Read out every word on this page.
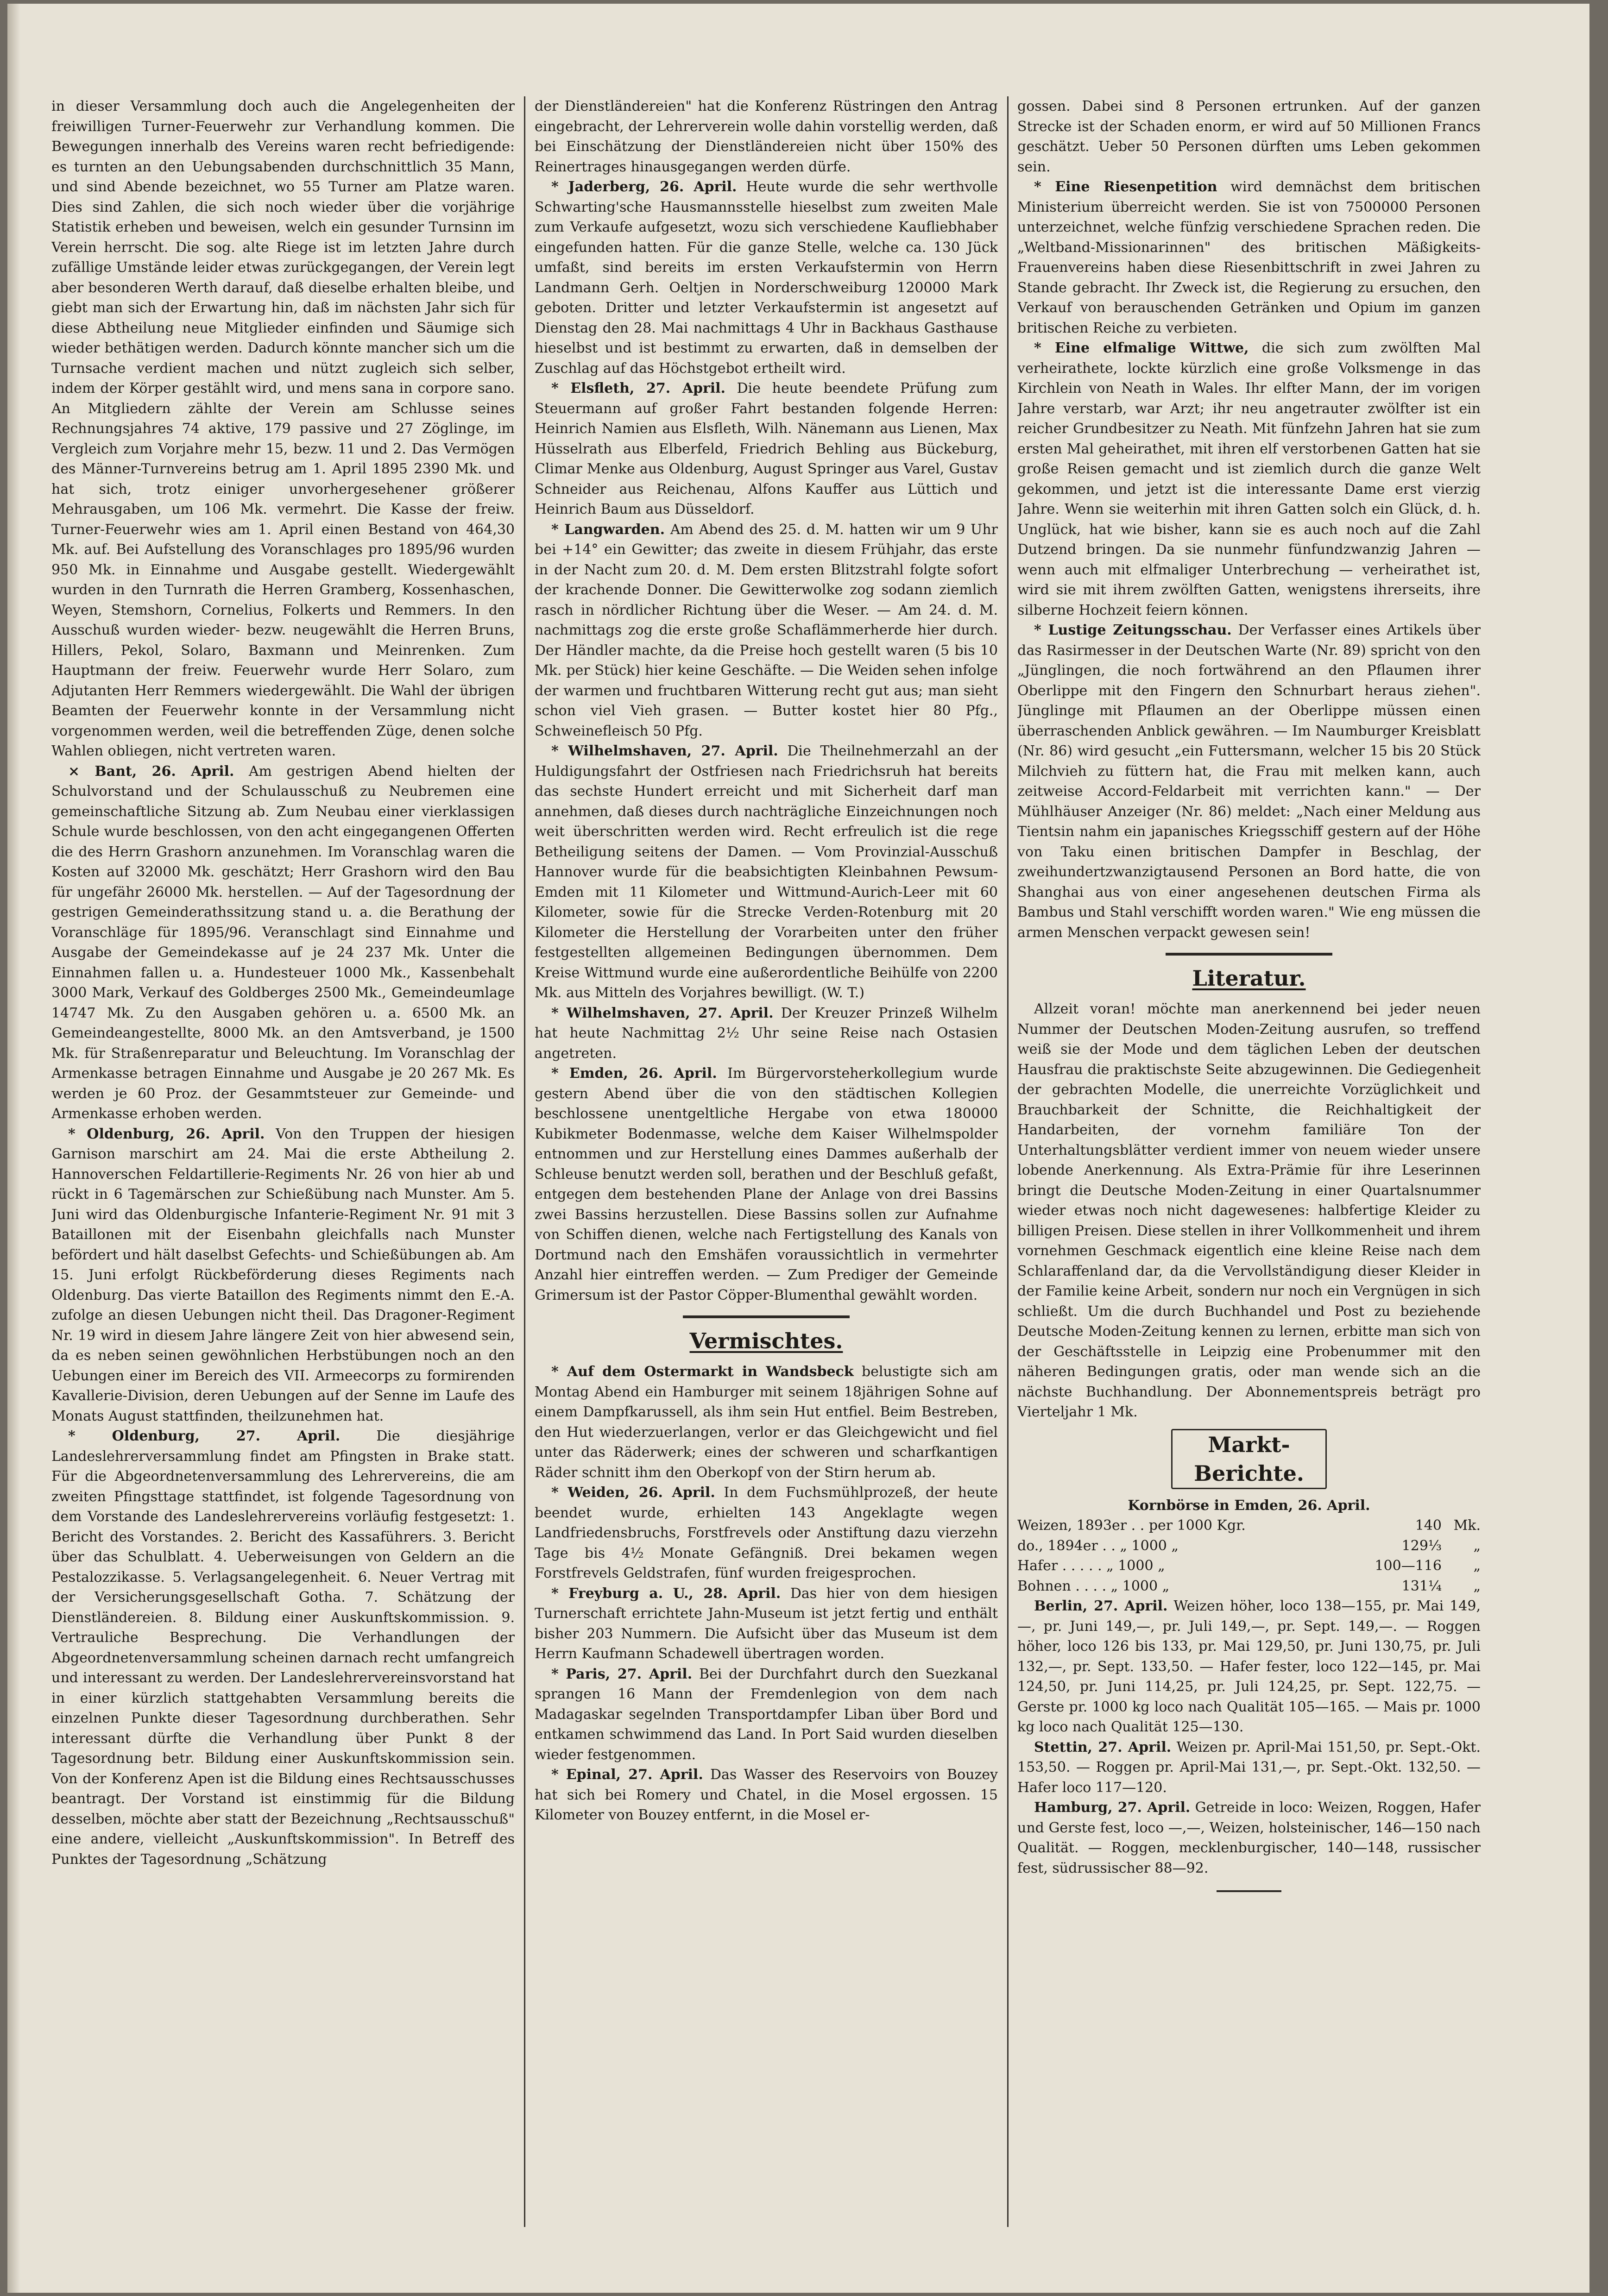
in dieser Versammlung doch auch die Angelegenheiten der freiwilligen Turner-Feuerwehr zur Verhandlung kommen. Die Bewegungen innerhalb des Vereins waren recht befriedigende: es turnten an den Uebungsabenden durchschnittlich 35 Mann, und sind Abende bezeichnet, wo 55 Turner am Platze waren. Dies sind Zahlen, die sich noch wieder über die vorjährige Statistik erheben und beweisen, welch ein gesunder Turnsinn im Verein herrscht. Die sog. alte Riege ist im letzten Jahre durch zufällige Umstände leider etwas zurückgegangen, der Verein legt aber besonderen Werth darauf, daß dieselbe erhalten bleibe, und giebt man sich der Erwartung hin, daß im nächsten Jahr sich für diese Abtheilung neue Mitglieder einfinden und Säumige sich wieder bethätigen werden. Dadurch könnte mancher sich um die Turnsache verdient machen und nützt zugleich sich selber, indem der Körper gestählt wird, und mens sana in corpore sano. An Mitgliedern zählte der Verein am Schlusse seines Rechnungsjahres 74 aktive, 179 passive und 27 Zöglinge, im Vergleich zum Vorjahre mehr 15, bezw. 11 und 2. Das Vermögen des Männer-Turnvereins betrug am 1. April 1895 2390 Mk. und hat sich, trotz einiger unvorhergesehener größerer Mehrausgaben, um 106 Mk. vermehrt. Die Kasse der freiw. Turner-Feuerwehr wies am 1. April einen Bestand von 464,30 Mk. auf. Bei Aufstellung des Voranschlages pro 1895/96 wurden 950 Mk. in Einnahme und Ausgabe gestellt. Wiedergewählt wurden in den Turnrath die Herren Gramberg, Kossenhaschen, Weyen, Stemshorn, Cornelius, Folkerts und Remmers. In den Ausschuß wurden wieder- bezw. neugewählt die Herren Bruns, Hillers, Pekol, Solaro, Baxmann und Meinrenken. Zum Hauptmann der freiw. Feuerwehr wurde Herr Solaro, zum Adjutanten Herr Remmers wiedergewählt. Die Wahl der übrigen Beamten der Feuerwehr konnte in der Versammlung nicht vorgenommen werden, weil die betreffenden Züge, denen solche Wahlen obliegen, nicht vertreten waren.

× Bant, 26. April. Am gestrigen Abend hielten der Schulvorstand und der Schulausschuß zu Neubremen eine gemeinschaftliche Sitzung ab. Zum Neubau einer vierklassigen Schule wurde beschlossen, von den acht eingegangenen Offerten die des Herrn Grashorn anzunehmen. Im Voranschlag waren die Kosten auf 32000 Mk. geschätzt; Herr Grashorn wird den Bau für ungefähr 26000 Mk. herstellen. — Auf der Tagesordnung der gestrigen Gemeinderathssitzung stand u. a. die Berathung der Voranschläge für 1895/96. Veranschlagt sind Einnahme und Ausgabe der Gemeindekasse auf je 24 237 Mk. Unter die Einnahmen fallen u. a. Hundesteuer 1000 Mk., Kassenbehalt 3000 Mark, Verkauf des Goldberges 2500 Mk., Gemeindeumlage 14747 Mk. Zu den Ausgaben gehören u. a. 6500 Mk. an Gemeindeangestellte, 8000 Mk. an den Amtsverband, je 1500 Mk. für Straßenreparatur und Beleuchtung. Im Voranschlag der Armenkasse betragen Einnahme und Ausgabe je 20 267 Mk. Es werden je 60 Proz. der Gesammtsteuer zur Gemeinde- und Armenkasse erhoben werden.

* Oldenburg, 26. April. Von den Truppen der hiesigen Garnison marschirt am 24. Mai die erste Abtheilung 2. Hannoverschen Feldartillerie-Regiments Nr. 26 von hier ab und rückt in 6 Tagemärschen zur Schießübung nach Munster. Am 5. Juni wird das Oldenburgische Infanterie-Regiment Nr. 91 mit 3 Bataillonen mit der Eisenbahn gleichfalls nach Munster befördert und hält daselbst Gefechts- und Schießübungen ab. Am 15. Juni erfolgt Rückbeförderung dieses Regiments nach Oldenburg. Das vierte Bataillon des Regiments nimmt den E.-A. zufolge an diesen Uebungen nicht theil. Das Dragoner-Regiment Nr. 19 wird in diesem Jahre längere Zeit von hier abwesend sein, da es neben seinen gewöhnlichen Herbstübungen noch an den Uebungen einer im Bereich des VII. Armeecorps zu formirenden Kavallerie-Division, deren Uebungen auf der Senne im Laufe des Monats August stattfinden, theilzunehmen hat.

* Oldenburg, 27. April.	Die diesjährige Landeslehrerversammlung findet am Pfingsten in Brake statt. Für die Abgeordnetenversammlung des Lehrervereins, die am zweiten Pfingsttage stattfindet, ist folgende Tagesordnung von dem Vorstande des Landeslehrervereins vorläufig festgesetzt: 1. Bericht des Vorstandes. 2. Bericht des Kassaführers. 3. Bericht über das Schulblatt. 4. Ueberweisungen von Geldern an die Pestalozzikasse. 5. Verlagsangelegenheit. 6. Neuer Vertrag mit der Versicherungsgesellschaft Gotha. 7. Schätzung der Dienstländereien. 8. Bildung einer Auskunftskommission. 9. Vertrauliche Besprechung. Die Verhandlungen der Abgeordnetenversammlung scheinen darnach recht umfangreich und interessant zu werden. Der Landeslehrervereinsvorstand hat in einer kürzlich stattgehabten Versammlung bereits die einzelnen Punkte dieser Tagesordnung durchberathen. Sehr interessant dürfte die Verhandlung über Punkt 8 der Tagesordnung betr. Bildung einer Auskunftskommission sein. Von der Konferenz Apen ist die Bildung eines Rechtsausschusses beantragt. Der Vorstand ist einstimmig für die Bildung desselben, möchte aber statt der Bezeichnung „Rechtsausschuß" eine andere, vielleicht „Auskunftskommission". In Betreff des Punktes der Tagesordnung „Schätzung

der Dienstländereien" hat die Konferenz Rüstringen den Antrag eingebracht, der Lehrerverein wolle dahin vorstellig werden, daß bei Einschätzung der Dienstländereien nicht über 150% des Reinertrages hinausgegangen werden dürfe.

* Jaderberg, 26. April. Heute wurde die sehr werthvolle Schwarting'sche Hausmannsstelle hieselbst zum zweiten Male zum Verkaufe aufgesetzt, wozu sich verschiedene Kaufliebhaber eingefunden hatten. Für die ganze Stelle, welche ca. 130 Jück umfaßt, sind bereits im ersten Verkaufstermin von Herrn Landmann Gerh. Oeltjen in Norderschweiburg 120000 Mark geboten. Dritter und letzter Verkaufstermin ist angesetzt auf Dienstag den 28. Mai nachmittags 4 Uhr in Backhaus Gasthause hieselbst und ist bestimmt zu erwarten, daß in demselben der Zuschlag auf das Höchstgebot ertheilt wird.

* Elsfleth, 27. April. Die heute beendete Prüfung zum Steuermann auf großer Fahrt bestanden folgende Herren: Heinrich Namien aus Elsfleth, Wilh. Nänemann aus Lienen, Max Hüsselrath aus Elberfeld, Friedrich Behling aus Bückeburg, Climar Menke aus Oldenburg, August Springer aus Varel, Gustav Schneider aus Reichenau, Alfons Kauffer aus Lüttich und Heinrich Baum aus Düsseldorf.

* Langwarden. Am Abend des 25. d. M. hatten wir um 9 Uhr bei +14° ein Gewitter; das zweite in diesem Frühjahr, das erste in der Nacht zum 20. d. M. Dem ersten Blitzstrahl folgte sofort der krachende Donner. Die Gewitterwolke zog sodann ziemlich rasch in nördlicher Richtung über die Weser. — Am 24. d. M. nachmittags zog die erste große Schaflämmerherde hier durch. Der Händler machte, da die Preise hoch gestellt waren (5 bis 10 Mk. per Stück) hier keine Geschäfte. — Die Weiden sehen infolge der warmen und fruchtbaren Witterung recht gut aus; man sieht schon viel Vieh grasen. — Butter kostet hier 80 Pfg., Schweinefleisch 50 Pfg.

* Wilhelmshaven, 27. April. Die Theilnehmerzahl an der Huldigungsfahrt der Ostfriesen nach Friedrichsruh hat bereits das sechste Hundert erreicht und mit Sicherheit darf man annehmen, daß dieses durch nachträgliche Einzeichnungen noch weit überschritten werden wird. Recht erfreulich ist die rege Betheiligung seitens der Damen. — Vom Provinzial-Ausschuß Hannover wurde für die beabsichtigten Kleinbahnen Pewsum-Emden mit 11 Kilometer und Wittmund-Aurich-Leer mit 60 Kilometer, sowie für die Strecke Verden-Rotenburg mit 20 Kilometer die Herstellung der Vorarbeiten unter den früher festgestellten allgemeinen Bedingungen übernommen. Dem Kreise Wittmund wurde eine außerordentliche Beihülfe von 2200 Mk. aus Mitteln des Vorjahres bewilligt. (W. T.)

* Wilhelmshaven, 27. April. Der Kreuzer Prinzeß Wilhelm hat heute Nachmittag 2½ Uhr seine Reise nach Ostasien angetreten.

* Emden, 26. April. Im Bürgervorsteherkollegium wurde gestern Abend über die von den städtischen Kollegien beschlossene unentgeltliche Hergabe von etwa 180000 Kubikmeter Bodenmasse, welche dem Kaiser Wilhelmspolder entnommen und zur Herstellung eines Dammes außerhalb der Schleuse benutzt werden soll, berathen und der Beschluß gefaßt, entgegen dem bestehenden Plane der Anlage von drei Bassins zwei Bassins herzustellen. Diese Bassins sollen zur Aufnahme von Schiffen dienen, welche nach Fertigstellung des Kanals von Dortmund nach den Emshäfen voraussichtlich in vermehrter Anzahl hier eintreffen werden. — Zum Prediger der Gemeinde Grimersum ist der Pastor Cöpper-Blumenthal gewählt worden.

Vermischtes.

* Auf dem Ostermarkt in Wandsbeck belustigte sich am Montag Abend ein Hamburger mit seinem 18jährigen Sohne auf einem Dampfkarussell, als ihm sein Hut entfiel. Beim Bestreben, den Hut wiederzuerlangen, verlor er das Gleichgewicht und fiel unter das Räderwerk; eines der schweren und scharfkantigen Räder schnitt ihm den Oberkopf von der Stirn herum ab.

* Weiden, 26. April. In dem Fuchsmühlprozeß, der heute beendet wurde, erhielten 143 Angeklagte wegen Landfriedensbruchs, Forstfrevels oder Anstiftung dazu vierzehn Tage bis 4½ Monate Gefängniß. Drei bekamen wegen Forstfrevels Geldstrafen, fünf wurden freigesprochen.

* Freyburg a. U., 28. April. Das hier von dem hiesigen Turnerschaft errichtete Jahn-Museum ist jetzt fertig und enthält bisher 203 Nummern. Die Aufsicht über das Museum ist dem Herrn Kaufmann Schadewell übertragen worden.

* Paris, 27. April. Bei der Durchfahrt durch den Suezkanal sprangen 16 Mann der Fremdenlegion von dem nach Madagaskar segelnden Transportdampfer Liban über Bord und entkamen schwimmend das Land. In Port Said wurden dieselben wieder festgenommen.

* Epinal, 27. April. Das Wasser des Reservoirs von Bouzey hat sich bei Romery und Chatel, in die Mosel ergossen. 15 Kilometer von Bouzey entfernt, in die Mosel er-

gossen. Dabei sind 8 Personen ertrunken. Auf der ganzen Strecke ist der Schaden enorm, er wird auf 50 Millionen Francs geschätzt. Ueber 50 Personen dürften ums Leben gekommen sein.

* Eine Riesenpetition wird demnächst dem britischen Ministerium überreicht werden. Sie ist von 7500000 Personen unterzeichnet, welche fünfzig verschiedene Sprachen reden. Die „Weltband-Missionarinnen" des britischen Mäßigkeits-Frauenvereins haben diese Riesenbittschrift in zwei Jahren zu Stande gebracht. Ihr Zweck ist, die Regierung zu ersuchen, den Verkauf von berauschenden Getränken und Opium im ganzen britischen Reiche zu verbieten.

* Eine elfmalige Wittwe, die sich zum zwölften Mal verheirathete, lockte kürzlich eine große Volksmenge in das Kirchlein von Neath in Wales. Ihr elfter Mann, der im vorigen Jahre verstarb, war Arzt; ihr neu angetrauter zwölfter ist ein reicher Grundbesitzer zu Neath. Mit fünfzehn Jahren hat sie zum ersten Mal geheirathet, mit ihren elf verstorbenen Gatten hat sie große Reisen gemacht und ist ziemlich durch die ganze Welt gekommen, und jetzt ist die interessante Dame erst vierzig Jahre. Wenn sie weiterhin mit ihren Gatten solch ein Glück, d. h. Unglück, hat wie bisher, kann sie es auch noch auf die Zahl Dutzend bringen. Da sie nunmehr fünfundzwanzig Jahren — wenn auch mit elfmaliger Unterbrechung — verheirathet ist, wird sie mit ihrem zwölften Gatten, wenigstens ihrerseits, ihre silberne Hochzeit feiern können.

* Lustige Zeitungsschau. Der Verfasser eines Artikels über das Rasirmesser in der Deutschen Warte (Nr. 89) spricht von den „Jünglingen, die noch fortwährend an den Pflaumen ihrer Oberlippe mit den Fingern den Schnurbart heraus ziehen". Jünglinge mit Pflaumen an der Oberlippe müssen einen überraschenden Anblick gewähren. — Im Naumburger Kreisblatt (Nr. 86) wird gesucht „ein Futtersmann, welcher 15 bis 20 Stück Milchvieh zu füttern hat, die Frau mit melken kann, auch zeitweise Accord-Feldarbeit mit verrichten kann." — Der Mühlhäuser Anzeiger (Nr. 86) meldet: „Nach einer Meldung aus Tientsin nahm ein japanisches Kriegsschiff gestern auf der Höhe von Taku einen britischen Dampfer in Beschlag, der zweihundertzwanzigtausend Personen an Bord hatte, die von Shanghai aus von einer angesehenen deutschen Firma als Bambus und Stahl verschifft worden waren." Wie eng müssen die armen Menschen verpackt gewesen sein!

Literatur.

Allzeit voran! möchte man anerkennend bei jeder neuen Nummer der Deutschen Moden-Zeitung ausrufen, so treffend weiß sie der Mode und dem täglichen Leben der deutschen Hausfrau die praktischste Seite abzugewinnen. Die Gediegenheit der gebrachten Modelle, die unerreichte Vorzüglichkeit und Brauchbarkeit der Schnitte, die Reichhaltigkeit der Handarbeiten, der vornehm familiäre Ton der Unterhaltungsblätter verdient immer von neuem wieder unsere lobende Anerkennung. Als Extra-Prämie für ihre Leserinnen bringt die Deutsche Moden-Zeitung in einer Quartalsnummer wieder etwas noch nicht dagewesenes: halbfertige Kleider zu billigen Preisen. Diese stellen in ihrer Vollkommenheit und ihrem vornehmen Geschmack eigentlich eine kleine Reise nach dem Schlaraffenland dar, da die Vervollständigung dieser Kleider in der Familie keine Arbeit, sondern nur noch ein Vergnügen in sich schließt. Um die durch Buchhandel und Post zu beziehende Deutsche Moden-Zeitung kennen zu lernen, erbitte man sich von der Geschäftsstelle in Leipzig eine Probenummer mit den näheren Bedingungen gratis, oder man wende sich an die nächste Buchhandlung. Der Abonnementspreis beträgt pro Vierteljahr 1 Mk.

Markt-Berichte.
Kornbörse in Emden, 26. April.
Weizen, 1893er . . per 1000 Kgr.	140	Mk.
do., 1894er . . „ 1000 „	129⅓	„
Hafer . . . . . „ 1000 „	100—116	„
Bohnen . . . . „ 1000 „	131¼	„

Berlin, 27. April. Weizen höher, loco 138—155, pr. Mai 149,—, pr. Juni 149,—, pr. Juli 149,—, pr. Sept. 149,—. — Roggen höher, loco 126 bis 133, pr. Mai 129,50, pr. Juni 130,75, pr. Juli 132,—, pr. Sept. 133,50. — Hafer fester, loco 122—145, pr. Mai 124,50, pr. Juni 114,25, pr. Juli 124,25, pr. Sept. 122,75. — Gerste pr. 1000 kg loco nach Qualität 105—165. — Mais pr. 1000 kg loco nach Qualität 125—130.

Stettin, 27. April. Weizen pr. April-Mai 151,50, pr. Sept.-Okt. 153,50. — Roggen pr. April-Mai 131,—, pr. Sept.-Okt. 132,50. — Hafer loco 117—120.

Hamburg, 27. April. Getreide in loco: Weizen, Roggen, Hafer und Gerste fest, loco —,—, Weizen, holsteinischer, 146—150 nach Qualität. — Roggen, mecklenburgischer, 140—148, russischer fest, südrussischer 88—92.
